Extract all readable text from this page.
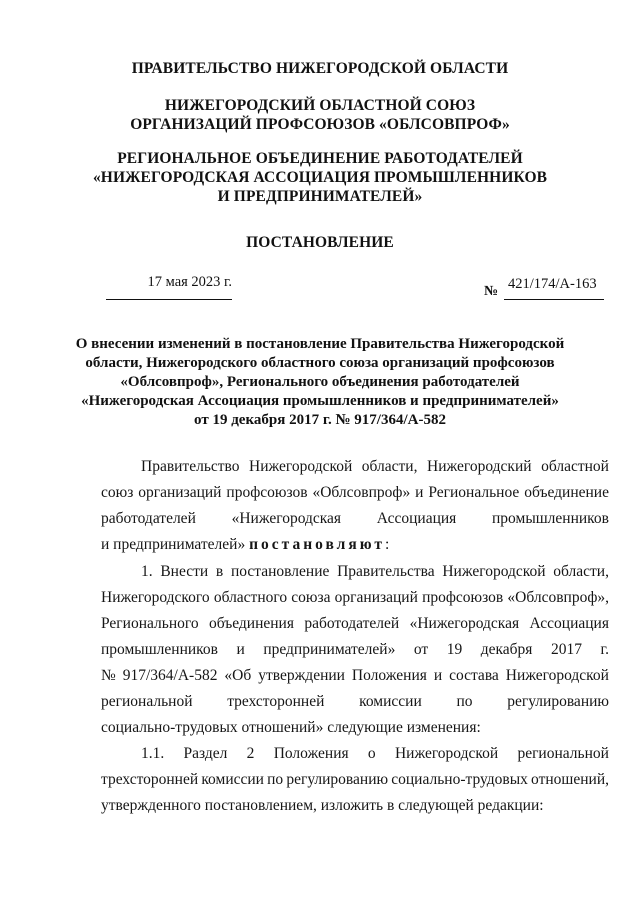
ПРАВИТЕЛЬСТВО НИЖЕГОРОДСКОЙ ОБЛАСТИ
НИЖЕГОРОДСКИЙ ОБЛАСТНОЙ СОЮЗ
ОРГАНИЗАЦИЙ ПРОФСОЮЗОВ «ОБЛСОВПРОФ»
РЕГИОНАЛЬНОЕ ОБЪЕДИНЕНИЕ РАБОТОДАТЕЛЕЙ
«НИЖЕГОРОДСКАЯ АССОЦИАЦИЯ ПРОМЫШЛЕННИКОВ
И ПРЕДПРИНИМАТЕЛЕЙ»
ПОСТАНОВЛЕНИЕ
17 мая 2023 г.
№ 421/174/А-163
О внесении изменений в постановление Правительства Нижегородской
области, Нижегородского областного союза организаций профсоюзов
«Облсовпроф», Регионального объединения работодателей
«Нижегородская Ассоциация промышленников и предпринимателей»
от 19 декабря 2017 г. № 917/364/А-582
Правительство Нижегородской области, Нижегородский областной
союз организаций профсоюзов «Облсовпроф» и Региональное объединение
работодателей «Нижегородская Ассоциация промышленников
и предпринимателей» постановляют:
1. Внести в постановление Правительства Нижегородской области,
Нижегородского областного союза организаций профсоюзов «Облсовпроф»,
Регионального объединения работодателей «Нижегородская Ассоциация
промышленников и предпринимателей» от 19 декабря 2017 г.
№ 917/364/А-582 «Об утверждении Положения и состава Нижегородской
региональной трехсторонней комиссии по регулированию
социально-трудовых отношений» следующие изменения:
1.1. Раздел 2 Положения о Нижегородской региональной
трехсторонней комиссии по регулированию социально-трудовых отношений,
утвержденного постановлением, изложить в следующей редакции:
